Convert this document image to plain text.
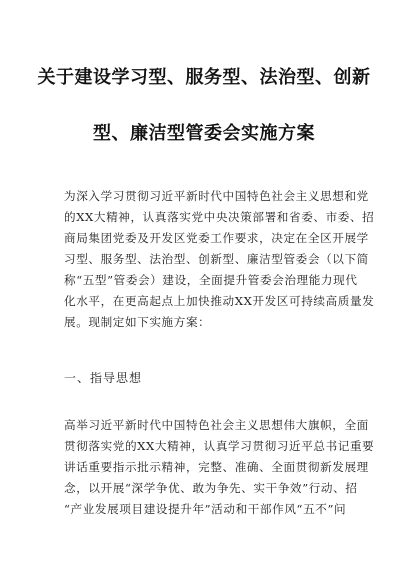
关于建设学习型、服务型、法治型、创新
型、廉洁型管委会实施方案
为深入学习贯彻习近平新时代中国特色社会主义思想和党
的XX大精神，认真落实党中央决策部署和省委、市委、招
商局集团党委及开发区党委工作要求，决定在全区开展学
习型、服务型、法治型、创新型、廉洁型管委会（以下简
称“五型”管委会）建设，全面提升管委会治理能力现代
化水平，在更高起点上加快推动XX开发区可持续高质量发
展。现制定如下实施方案：
一、指导思想
高举习近平新时代中国特色社会主义思想伟大旗帜，全面
贯彻落实党的XX大精神，认真学习贯彻习近平总书记重要
讲话重要指示批示精神，完整、准确、全面贯彻新发展理
念，以开展“深学争优、敢为争先、实干争效”行动、招
“产业发展项目建设提升年”活动和干部作风“五不”问
